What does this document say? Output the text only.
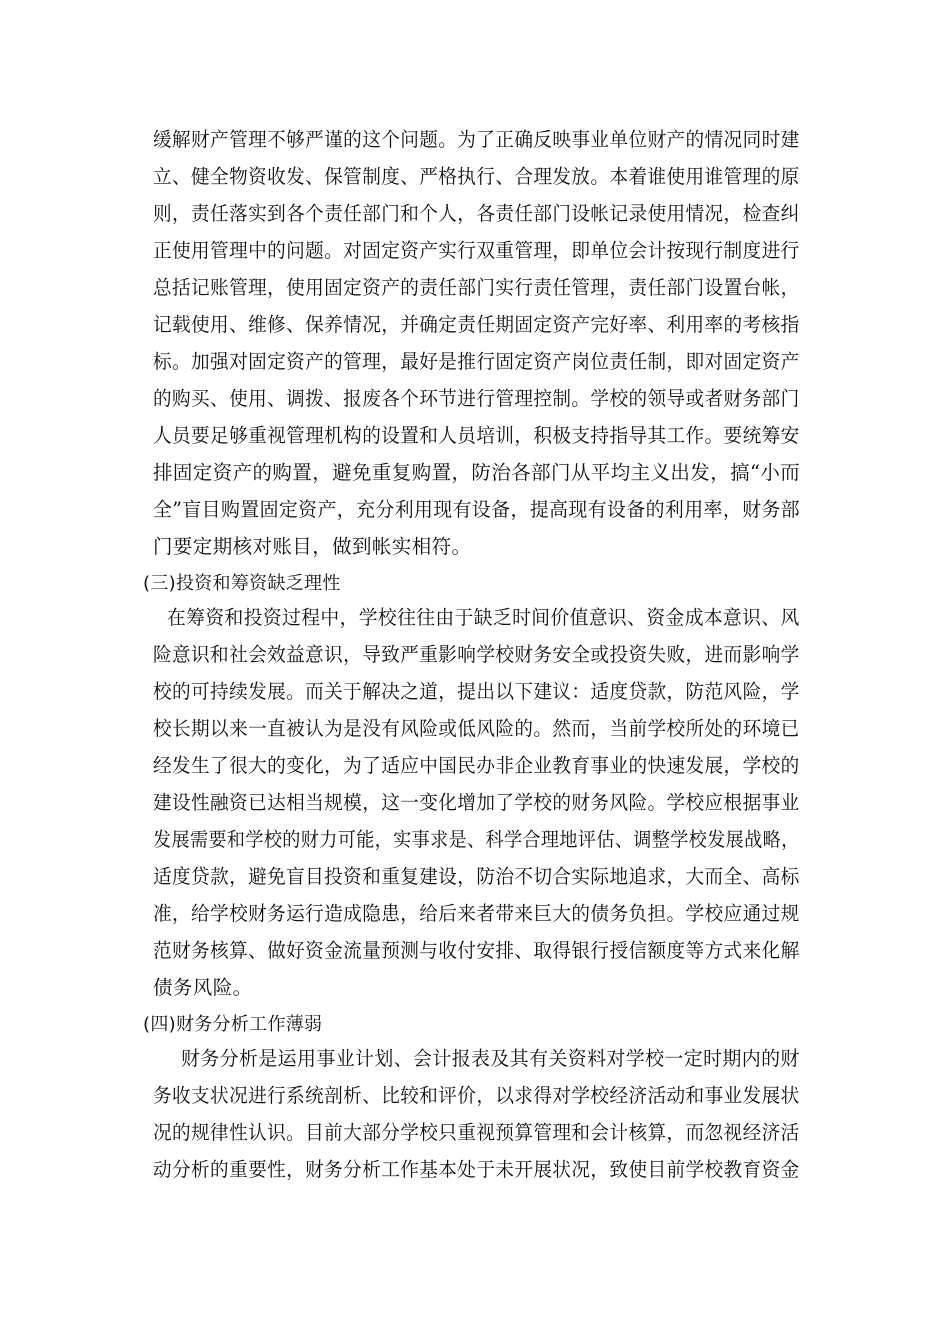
缓解财产管理不够严谨的这个问题。为了正确反映事业单位财产的情况同时建
立、健全物资收发、保管制度、严格执行、合理发放。本着谁使用谁管理的原
则，责任落实到各个责任部门和个人，各责任部门设帐记录使用情况，检查纠
正使用管理中的问题。对固定资产实行双重管理，即单位会计按现行制度进行
总括记账管理，使用固定资产的责任部门实行责任管理，责任部门设置台帐，
记载使用、维修、保养情况，并确定责任期固定资产完好率、利用率的考核指
标。加强对固定资产的管理，最好是推行固定资产岗位责任制，即对固定资产
的购买、使用、调拨、报废各个环节进行管理控制。学校的领导或者财务部门
人员要足够重视管理机构的设置和人员培训，积极支持指导其工作。要统筹安
排固定资产的购置，避免重复购置，防治各部门从平均主义出发，搞“小而
全”盲目购置固定资产，充分利用现有设备，提高现有设备的利用率，财务部
门要定期核对账目，做到帐实相符。
(三)投资和筹资缺乏理性
在筹资和投资过程中，学校往往由于缺乏时间价值意识、资金成本意识、风
险意识和社会效益意识，导致严重影响学校财务安全或投资失败，进而影响学
校的可持续发展。而关于解决之道，提出以下建议：适度贷款，防范风险，学
校长期以来一直被认为是没有风险或低风险的。然而，当前学校所处的环境已
经发生了很大的变化，为了适应中国民办非企业教育事业的快速发展，学校的
建设性融资已达相当规模，这一变化增加了学校的财务风险。学校应根据事业
发展需要和学校的财力可能，实事求是、科学合理地评估、调整学校发展战略，
适度贷款，避免盲目投资和重复建设，防治不切合实际地追求，大而全、高标
准，给学校财务运行造成隐患，给后来者带来巨大的债务负担。学校应通过规
范财务核算、做好资金流量预测与收付安排、取得银行授信额度等方式来化解
债务风险。
(四)财务分析工作薄弱
财务分析是运用事业计划、会计报表及其有关资料对学校一定时期内的财
务收支状况进行系统剖析、比较和评价，以求得对学校经济活动和事业发展状
况的规律性认识。目前大部分学校只重视预算管理和会计核算，而忽视经济活
动分析的重要性，财务分析工作基本处于未开展状况，致使目前学校教育资金
